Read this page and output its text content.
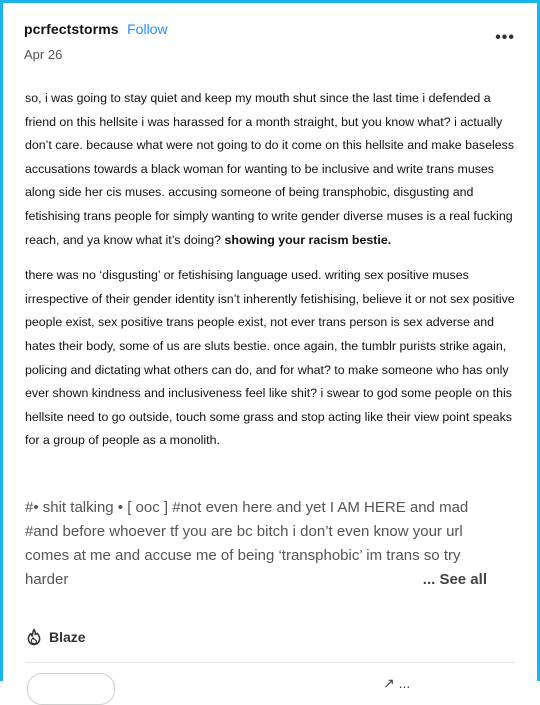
pcrfectstorms Follow
Apr 26
•••

so, i was going to stay quiet and keep my mouth shut since the last time i defended a friend on this hellsite i was harassed for a month straight, but you know what? i actually don’t care. because what were not going to do it come on this hellsite and make baseless accusations towards a black woman for wanting to be inclusive and write trans muses along side her cis muses. accusing someone of being transphobic, disgusting and fetishising trans people for simply wanting to write gender diverse muses is a real fucking reach, and ya know what it’s doing? showing your racism bestie.

there was no ‘disgusting’ or fetishising language used. writing sex positive muses irrespective of their gender identity isn’t inherently fetishising, believe it or not sex positive people exist, sex positive trans people exist, not ever trans person is sex adverse and hates their body, some of us are sluts bestie. once again, the tumblr purists strike again, policing and dictating what others can do, and for what? to make someone who has only ever shown kindness and inclusiveness feel like shit? i swear to god some people on this hellsite need to go outside, touch some grass and stop acting like their view point speaks for a group of people as a monolith.

#• shit talking • [ ooc ] #not even here and yet I AM HERE and mad #and before whoever tf you are bc bitch i don’t even know your url comes at me and accuse me of being ‘transphobic’ im trans so try harder	... See all
Blaze
↗ ...
